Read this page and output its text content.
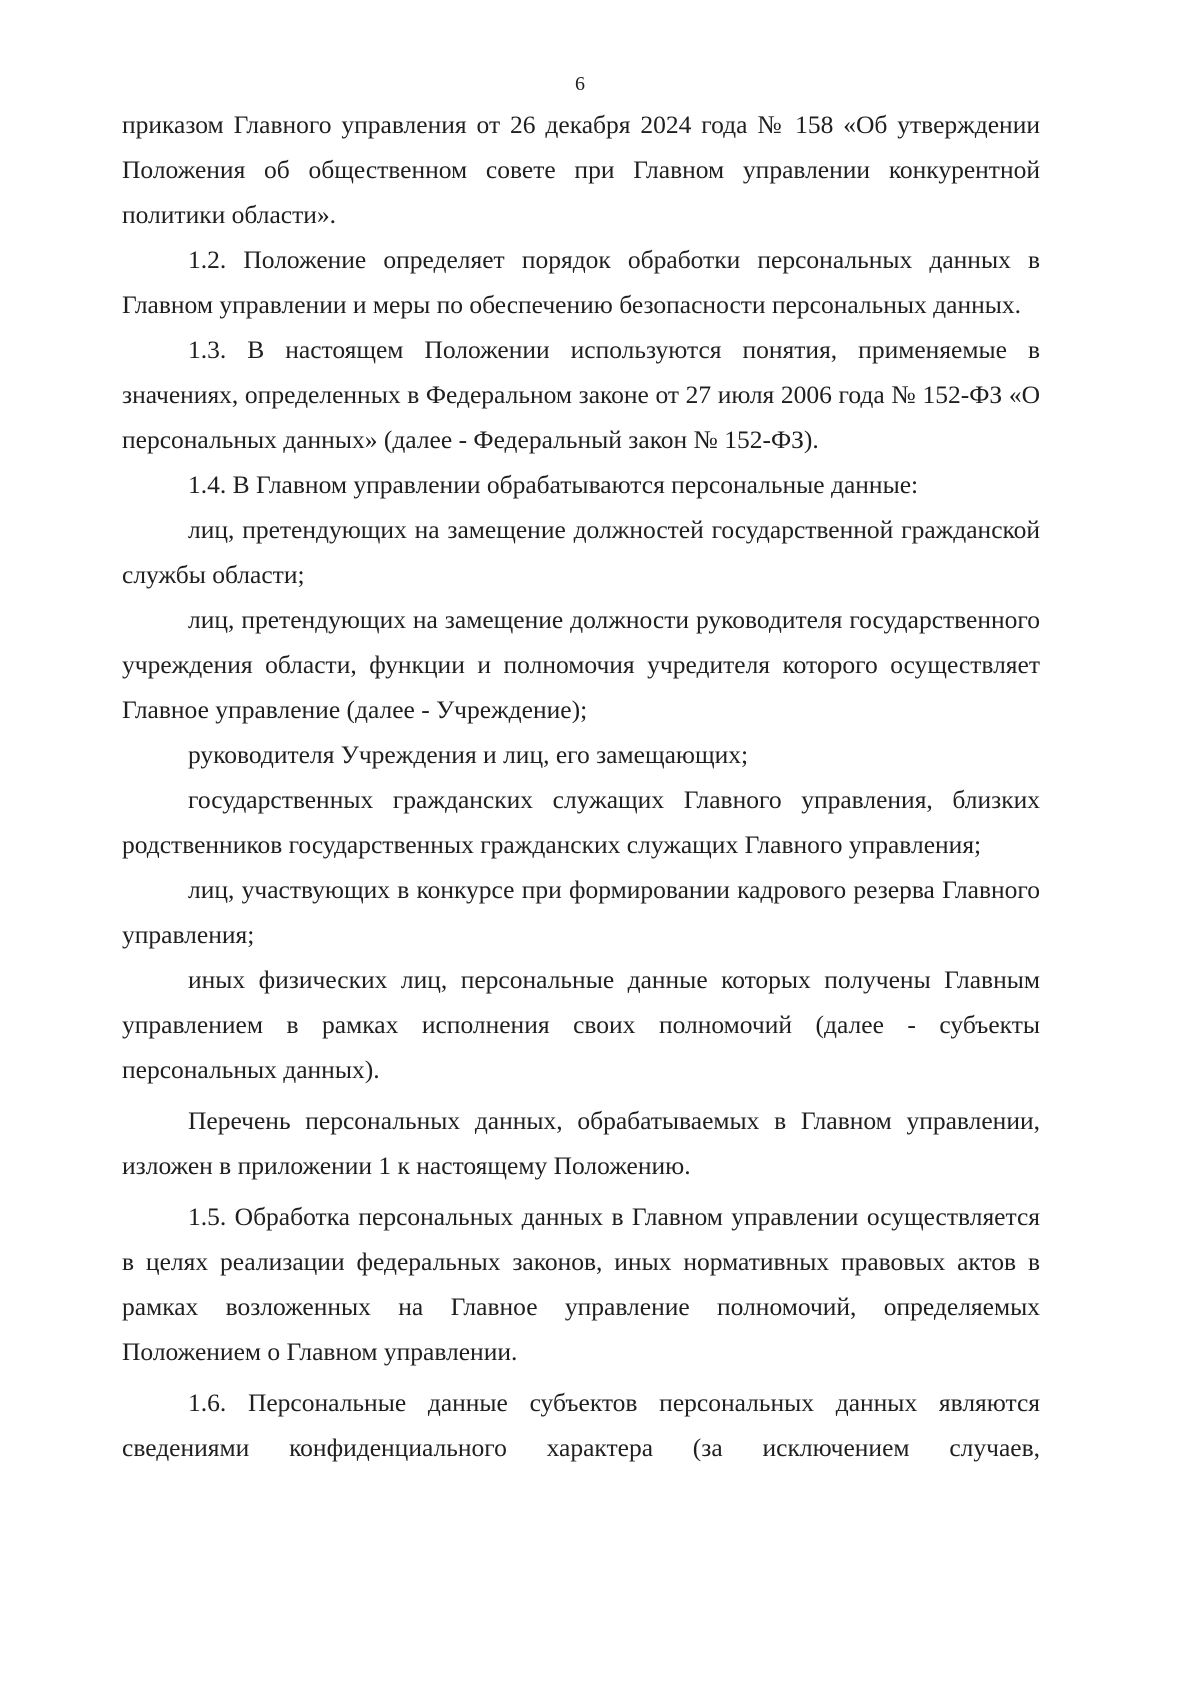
6

приказом Главного управления от 26 декабря 2024 года № 158 «Об утверждении Положения об общественном совете при Главном управлении конкурентной политики области».

1.2. Положение определяет порядок обработки персональных данных в Главном управлении и меры по обеспечению безопасности персональных данных.

1.3. В настоящем Положении используются понятия, применяемые в значениях, определенных в Федеральном законе от 27 июля 2006 года № 152-ФЗ «О персональных данных» (далее - Федеральный закон № 152-ФЗ).

1.4. В Главном управлении обрабатываются персональные данные:

лиц, претендующих на замещение должностей государственной гражданской службы области;

лиц, претендующих на замещение должности руководителя государственного учреждения области, функции и полномочия учредителя которого осуществляет Главное управление (далее - Учреждение);

руководителя Учреждения и лиц, его замещающих;

государственных гражданских служащих Главного управления, близких родственников государственных гражданских служащих Главного управления;

лиц, участвующих в конкурсе при формировании кадрового резерва Главного управления;

иных физических лиц, персональные данные которых получены Главным управлением в рамках исполнения своих полномочий (далее - субъекты персональных данных).

Перечень персональных данных, обрабатываемых в Главном управлении, изложен в приложении 1 к настоящему Положению.

1.5. Обработка персональных данных в Главном управлении осуществляется в целях реализации федеральных законов, иных нормативных правовых актов в рамках возложенных на Главное управление полномочий, определяемых Положением о Главном управлении.

1.6. Персональные данные субъектов персональных данных являются сведениями конфиденциального характера (за исключением случаев,
